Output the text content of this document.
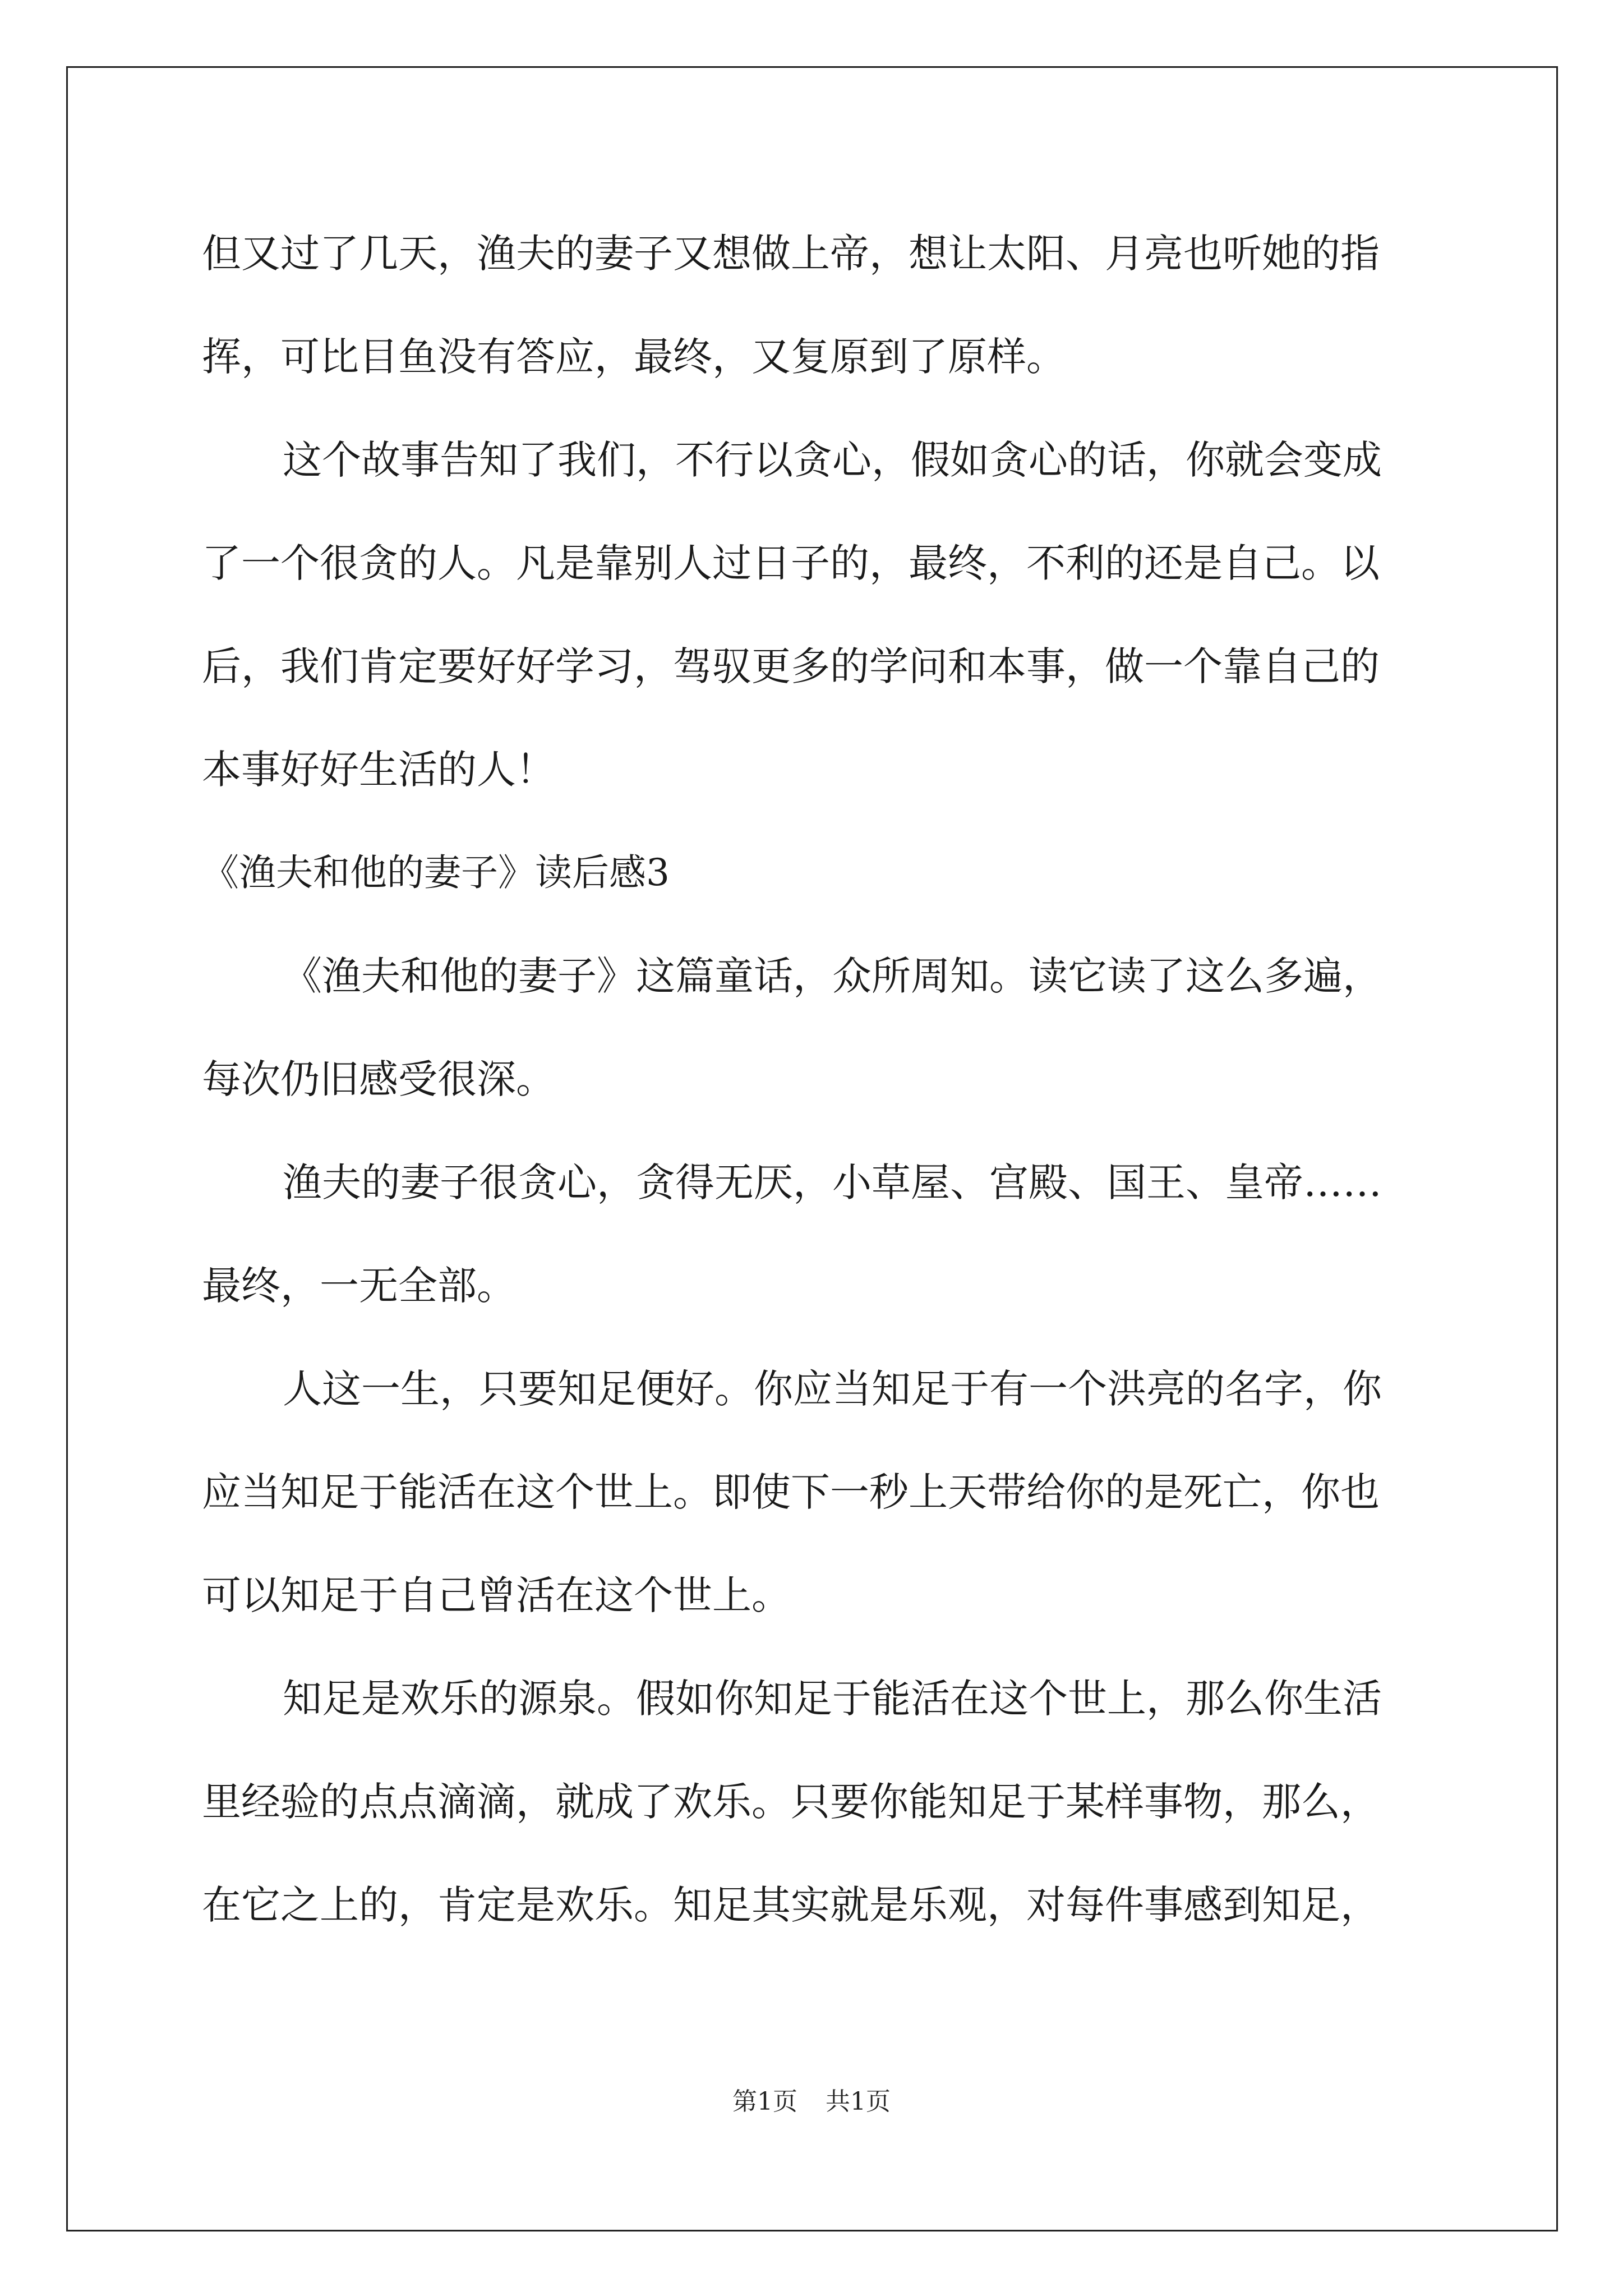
但又过了几天，渔夫的妻子又想做上帝，想让太阳、月亮也听她的指
挥，可比目鱼没有答应，最终，又复原到了原样。
这个故事告知了我们，不行以贪心，假如贪心的话，你就会变成
了一个很贪的人。凡是靠别人过日子的，最终，不利的还是自己。以
后，我们肯定要好好学习，驾驭更多的学问和本事，做一个靠自己的
本事好好生活的人！
《渔夫和他的妻子》读后感3
《渔夫和他的妻子》这篇童话，众所周知。读它读了这么多遍，
每次仍旧感受很深。
渔夫的妻子很贪心，贪得无厌，小草屋、宫殿、国王、皇帝……
最终，一无全部。
人这一生，只要知足便好。你应当知足于有一个洪亮的名字，你
应当知足于能活在这个世上。即使下一秒上天带给你的是死亡，你也
可以知足于自己曾活在这个世上。
知足是欢乐的源泉。假如你知足于能活在这个世上，那么你生活
里经验的点点滴滴，就成了欢乐。只要你能知足于某样事物，那么，
在它之上的，肯定是欢乐。知足其实就是乐观，对每件事感到知足，
第1页 共1页
